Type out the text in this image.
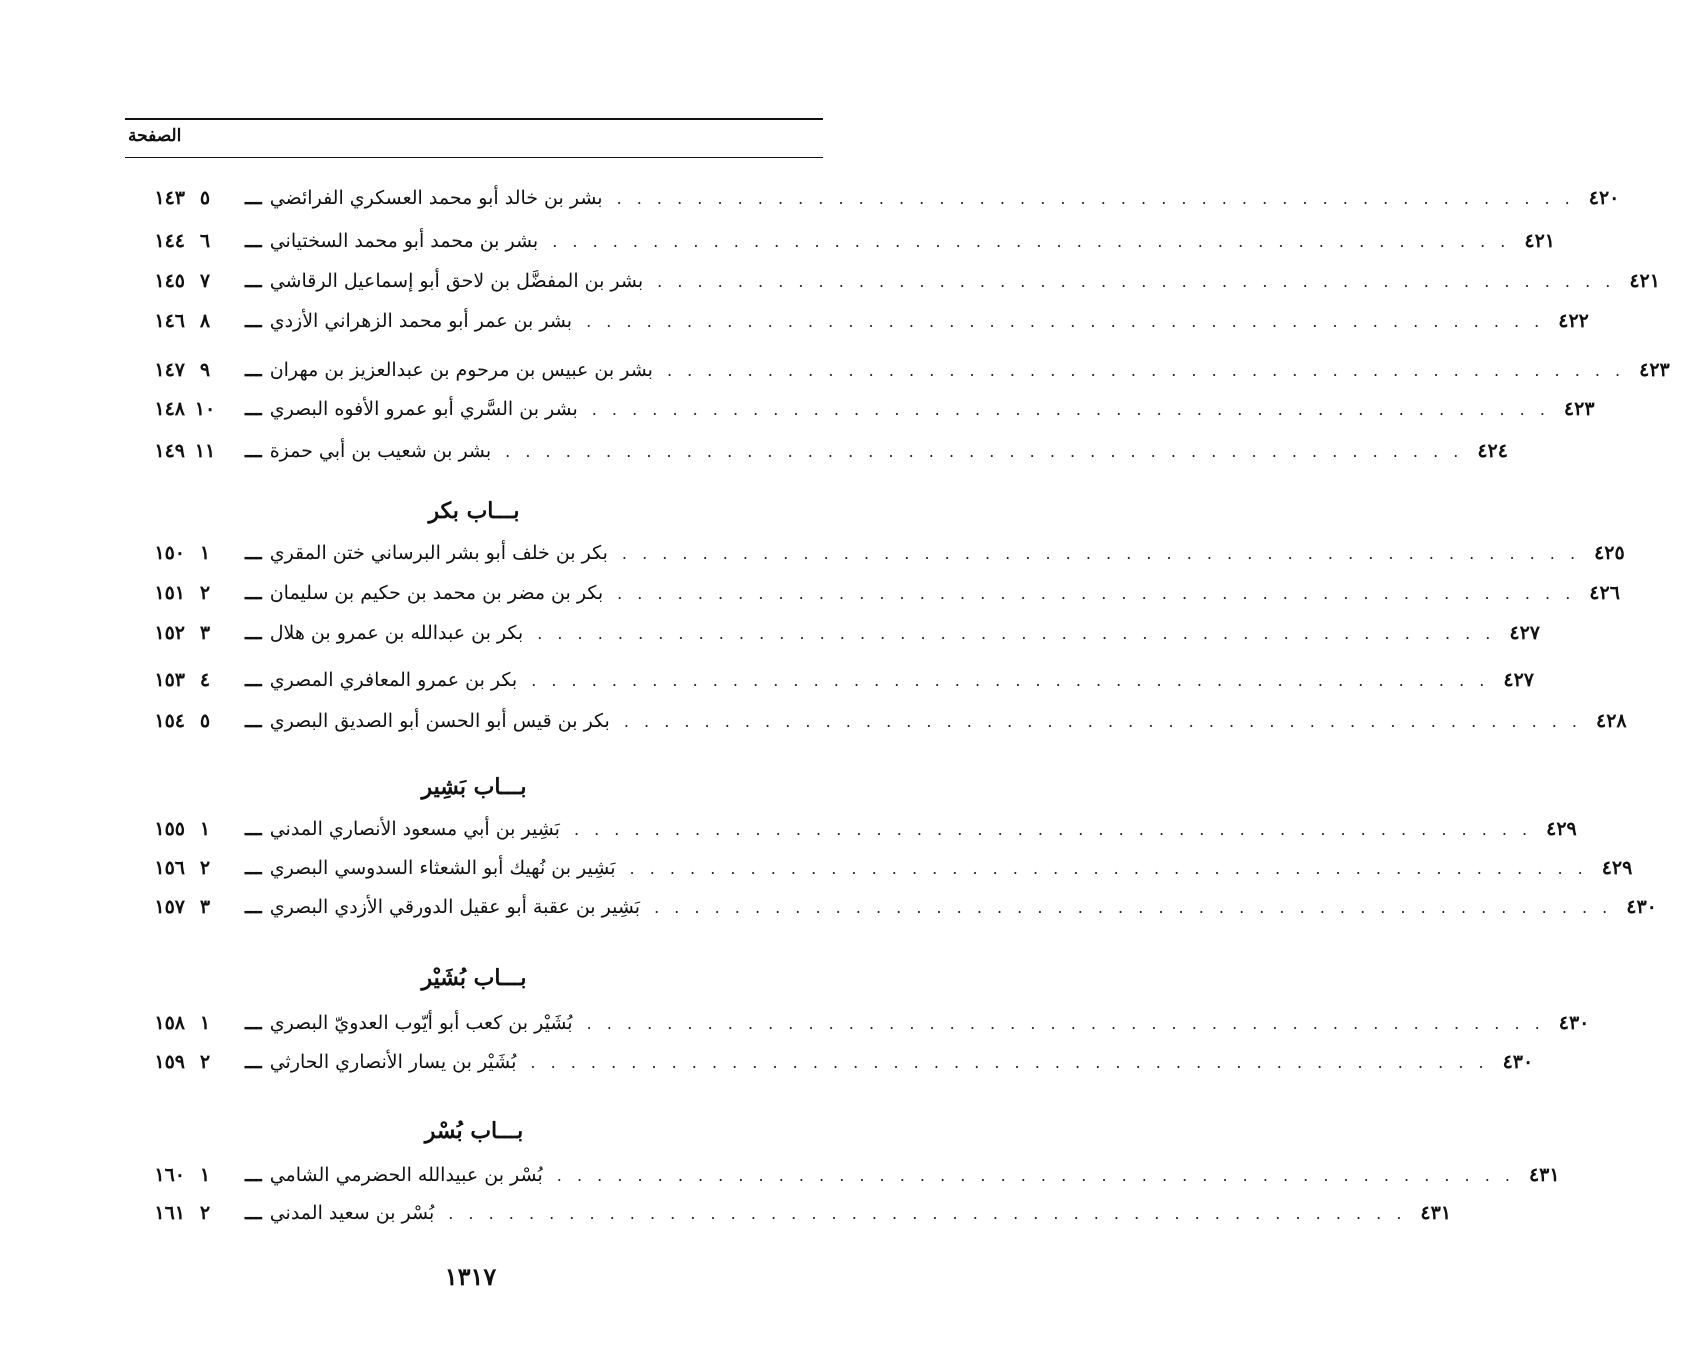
الصفحة
١٤٣ ٥	ـــ بشر بن خالد أبو محمد العسكري الفرائضي . . . . . . . . . . . . . . . . . . . . . . . . . . . . . . . . . . . . . . . . . . . . . . . . ٤٢٠
١٤٤ ٦	ـــ بشر بن محمد أبو محمد السختياني . . . . . . . . . . . . . . . . . . . . . . . . . . . . . . . . . . . . . . . . . . . . . . . . ٤٢١
١٤٥ ٧	ـــ بشر بن المفضَّل بن لاحق أبو إسماعيل الرقاشي . . . . . . . . . . . . . . . . . . . . . . . . . . . . . . . . . . . . . . . . . . . . . . . . ٤٢١
١٤٦ ٨	ـــ بشر بن عمر أبو محمد الزهراني الأزدي . . . . . . . . . . . . . . . . . . . . . . . . . . . . . . . . . . . . . . . . . . . . . . . . ٤٢٢
١٤٧ ٩	ـــ بشر بن عبيس بن مرحوم بن عبدالعزيز بن مهران . . . . . . . . . . . . . . . . . . . . . . . . . . . . . . . . . . . . . . . . . . . . . . . . ٤٢٣
١٤٨ ١٠	ـــ بشر بن السَّري أبو عمرو الأفوه البصري . . . . . . . . . . . . . . . . . . . . . . . . . . . . . . . . . . . . . . . . . . . . . . . . ٤٢٣
١٤٩ ١١	ـــ بشر بن شعيب بن أبي حمزة . . . . . . . . . . . . . . . . . . . . . . . . . . . . . . . . . . . . . . . . . . . . . . . . ٤٢٤
بـــاب بكر
١٥٠ ١	ـــ بكر بن خلف أبو بشر البرساني ختن المقري . . . . . . . . . . . . . . . . . . . . . . . . . . . . . . . . . . . . . . . . . . . . . . . . ٤٢٥
١٥١ ٢	ـــ بكر بن مضر بن محمد بن حكيم بن سليمان . . . . . . . . . . . . . . . . . . . . . . . . . . . . . . . . . . . . . . . . . . . . . . . . ٤٢٦
١٥٢ ٣	ـــ بكر بن عبدالله بن عمرو بن هلال . . . . . . . . . . . . . . . . . . . . . . . . . . . . . . . . . . . . . . . . . . . . . . . . ٤٢٧
١٥٣ ٤	ـــ بكر بن عمرو المعافري المصري . . . . . . . . . . . . . . . . . . . . . . . . . . . . . . . . . . . . . . . . . . . . . . . . ٤٢٧
١٥٤ ٥	ـــ بكر بن قيس أبو الحسن أبو الصديق البصري . . . . . . . . . . . . . . . . . . . . . . . . . . . . . . . . . . . . . . . . . . . . . . . . ٤٢٨
بـــاب بَشِير
١٥٥ ١	ـــ بَشِير بن أبي مسعود الأنصاري المدني . . . . . . . . . . . . . . . . . . . . . . . . . . . . . . . . . . . . . . . . . . . . . . . . ٤٢٩
١٥٦ ٢	ـــ بَشِير بن نُهيك أبو الشعثاء السدوسي البصري . . . . . . . . . . . . . . . . . . . . . . . . . . . . . . . . . . . . . . . . . . . . . . . . ٤٢٩
١٥٧ ٣	ـــ بَشِير بن عقبة أبو عقيل الدورقي الأزدي البصري . . . . . . . . . . . . . . . . . . . . . . . . . . . . . . . . . . . . . . . . . . . . . . . . ٤٣٠
بـــاب بُشَيْر
١٥٨ ١	ـــ بُشَيْر بن كعب أبو أيّوب العدويّ البصري . . . . . . . . . . . . . . . . . . . . . . . . . . . . . . . . . . . . . . . . . . . . . . . . ٤٣٠
١٥٩ ٢	ـــ بُشَيْر بن يسار الأنصاري الحارثي . . . . . . . . . . . . . . . . . . . . . . . . . . . . . . . . . . . . . . . . . . . . . . . . ٤٣٠
بـــاب بُسْر
١٦٠ ١	ـــ بُسْر بن عبيدالله الحضرمي الشامي . . . . . . . . . . . . . . . . . . . . . . . . . . . . . . . . . . . . . . . . . . . . . . . . ٤٣١
١٦١ ٢	ـــ بُسْر بن سعيد المدني . . . . . . . . . . . . . . . . . . . . . . . . . . . . . . . . . . . . . . . . . . . . . . . . ٤٣١
١٣١٧
